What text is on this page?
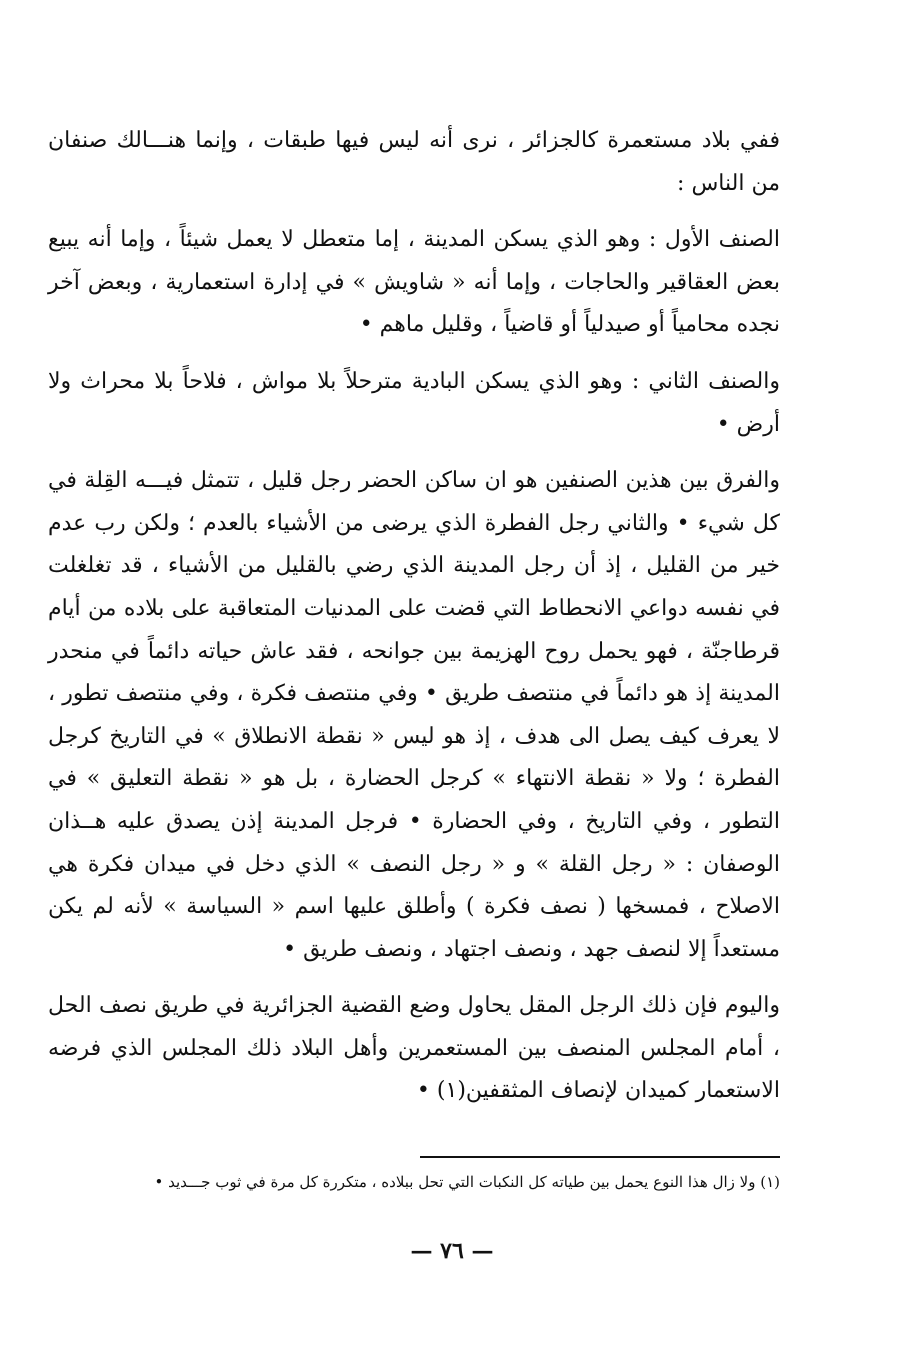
ففي بلاد مستعمرة كالجزائر ، نرى أنه ليس فيها طبقات ، وإنما هنـــالك صنفان من الناس :

الصنف الأول : وهو الذي يسكن المدينة ، إما متعطل لا يعمل شيئاً ، وإما أنه يبيع بعض العقاقير والحاجات ، وإما أنه « شاويش » في إدارة استعمارية ، وبعض آخر نجده محامياً أو صيدلياً أو قاضياً ، وقليل ماهم •

والصنف الثاني : وهو الذي يسكن البادية مترحلاً بلا مواش ، فلاحاً بلا محراث ولا أرض •

والفرق بين هذين الصنفين هو ان ساكن الحضر رجل قليل ، تتمثل فيـــه القِلة في كل شيء • والثاني رجل الفطرة الذي يرضى من الأشياء بالعدم ؛ ولكن رب عدم خير من القليل ، إذ أن رجل المدينة الذي رضي بالقليل من الأشياء ، قد تغلغلت في نفسه دواعي الانحطاط التي قضت على المدنيات المتعاقبة على بلاده من أيام قرطاجنّة ، فهو يحمل روح الهزيمة بين جوانحه ، فقد عاش حياته دائماً في منحدر المدينة إذ هو دائماً في منتصف طريق • وفي منتصف فكرة ، وفي منتصف تطور ، لا يعرف كيف يصل الى هدف ، إذ هو ليس « نقطة الانطلاق » في التاريخ كرجل الفطرة ؛ ولا « نقطة الانتهاء » كرجل الحضارة ، بل هو « نقطة التعليق » في التطور ، وفي التاريخ ، وفي الحضارة • فرجل المدينة إذن يصدق عليه هــذان الوصفان : « رجل القلة » و « رجل النصف » الذي دخل في ميدان فكرة هي الاصلاح ، فمسخها ( نصف فكرة ) وأطلق عليها اسم « السياسة » لأنه لم يكن مستعداً إلا لنصف جهد ، ونصف اجتهاد ، ونصف طريق •

واليوم فإن ذلك الرجل المقل يحاول وضع القضية الجزائرية في طريق نصف الحل ، أمام المجلس المنصف بين المستعمرين وأهل البلاد ذلك المجلس الذي فرضه الاستعمار كميدان لإنصاف المثقفين(١) •

(١) ولا زال هذا النوع يحمل بين طياته كل النكبات التي تحل ببلاده ، متكررة كل مرة في ثوب جـــديد •

— ٧٦ —
